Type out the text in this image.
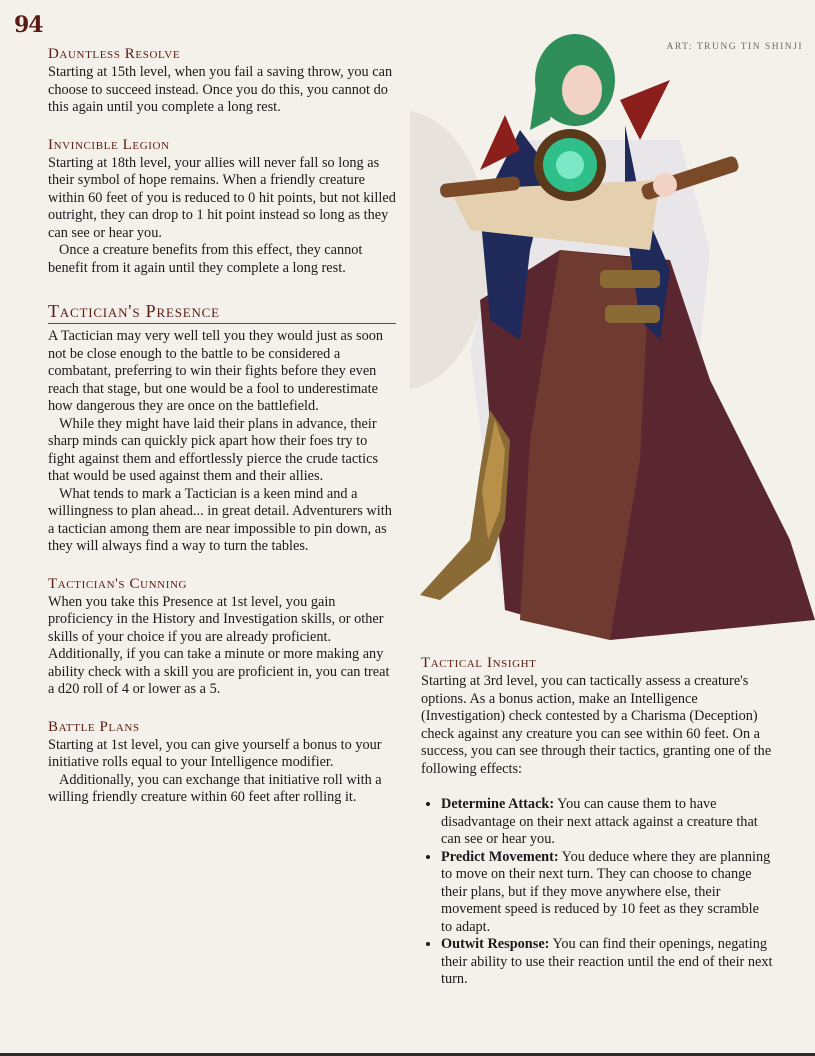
94
ART: TRUNG TIN SHINJI
Dauntless Resolve

Starting at 15th level, when you fail a saving throw, you can choose to succeed instead. Once you do this, you cannot do this again until you complete a long rest.

Invincible Legion

Starting at 18th level, your allies will never fall so long as their symbol of hope remains. When a friendly creature within 60 feet of you is reduced to 0 hit points, but not killed outright, they can drop to 1 hit point instead so long as they can see or hear you.

Once a creature benefits from this effect, they cannot benefit from it again until they complete a long rest.

Tactician's Presence

A Tactician may very well tell you they would just as soon not be close enough to the battle to be considered a combatant, preferring to win their fights before they even reach that stage, but one would be a fool to underestimate how dangerous they are once on the battlefield.

While they might have laid their plans in advance, their sharp minds can quickly pick apart how their foes try to fight against them and effortlessly pierce the crude tactics that would be used against them and their allies.

What tends to mark a Tactician is a keen mind and a willingness to plan ahead... in great detail. Adventurers with a tactician among them are near impossible to pin down, as they will always find a way to turn the tables.

Tactician's Cunning

When you take this Presence at 1st level, you gain proficiency in the History and Investigation skills, or other skills of your choice if you are already proficient. Additionally, if you can take a minute or more making any ability check with a skill you are proficient in, you can treat a d20 roll of 4 or lower as a 5.

Battle Plans

Starting at 1st level, you can give yourself a bonus to your initiative rolls equal to your Intelligence modifier.

Additionally, you can exchange that initiative roll with a willing friendly creature within 60 feet after rolling it.

Tactical Insight

Starting at 3rd level, you can tactically assess a creature's options. As a bonus action, make an Intelligence (Investigation) check contested by a Charisma (Deception) check against any creature you can see within 60 feet. On a success, you can see through their tactics, granting one of the following effects:

• Determine Attack: You can cause them to have disadvantage on their next attack against a creature that can see or hear you.
• Predict Movement: You deduce where they are planning to move on their next turn. They can choose to change their plans, but if they move anywhere else, their movement speed is reduced by 10 feet as they scramble to adapt.
• Outwit Response: You can find their openings, negating their ability to use their reaction until the end of their next turn.
